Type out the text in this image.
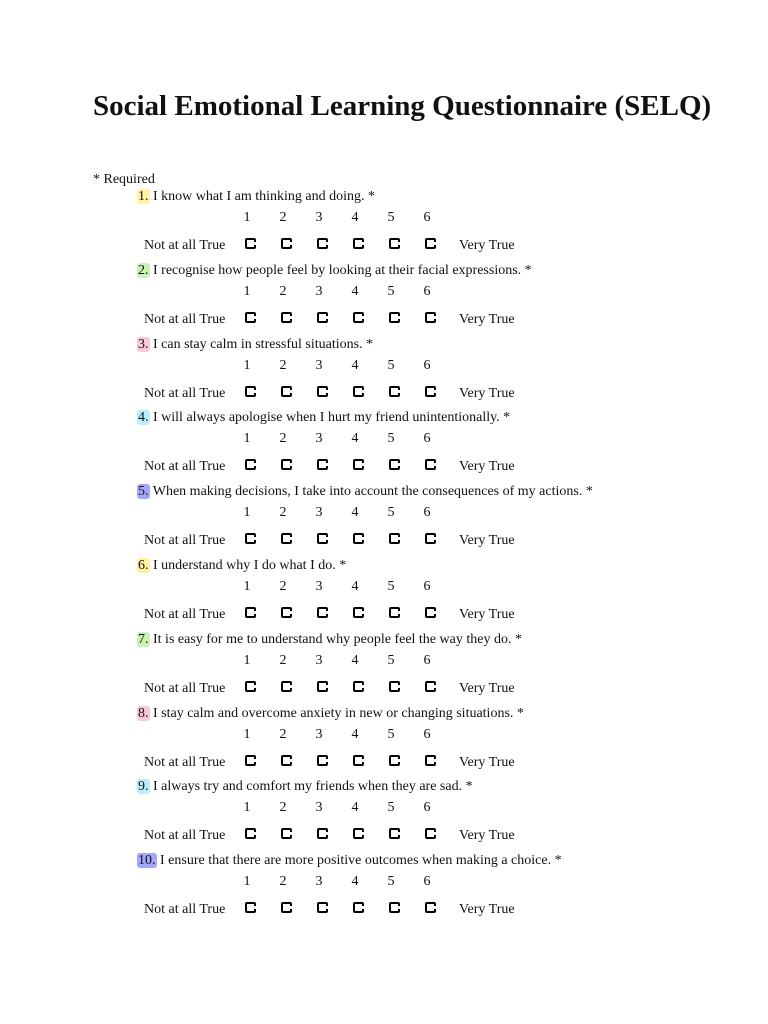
Social Emotional Learning Questionnaire (SELQ)
* Required
1. I know what I am thinking and doing. *
1	2	3	4	5	6
Not at all True	Very True
2. I recognise how people feel by looking at their facial expressions. *
1	2	3	4	5	6
Not at all True	Very True
3. I can stay calm in stressful situations. *
1	2	3	4	5	6
Not at all True	Very True
4. I will always apologise when I hurt my friend unintentionally. *
1	2	3	4	5	6
Not at all True	Very True
5. When making decisions, I take into account the consequences of my actions. *
1	2	3	4	5	6
Not at all True	Very True
6. I understand why I do what I do. *
1	2	3	4	5	6
Not at all True	Very True
7. It is easy for me to understand why people feel the way they do. *
1	2	3	4	5	6
Not at all True	Very True
8. I stay calm and overcome anxiety in new or changing situations. *
1	2	3	4	5	6
Not at all True	Very True
9. I always try and comfort my friends when they are sad. *
1	2	3	4	5	6
Not at all True	Very True
10. I ensure that there are more positive outcomes when making a choice. *
1	2	3	4	5	6
Not at all True	Very True
